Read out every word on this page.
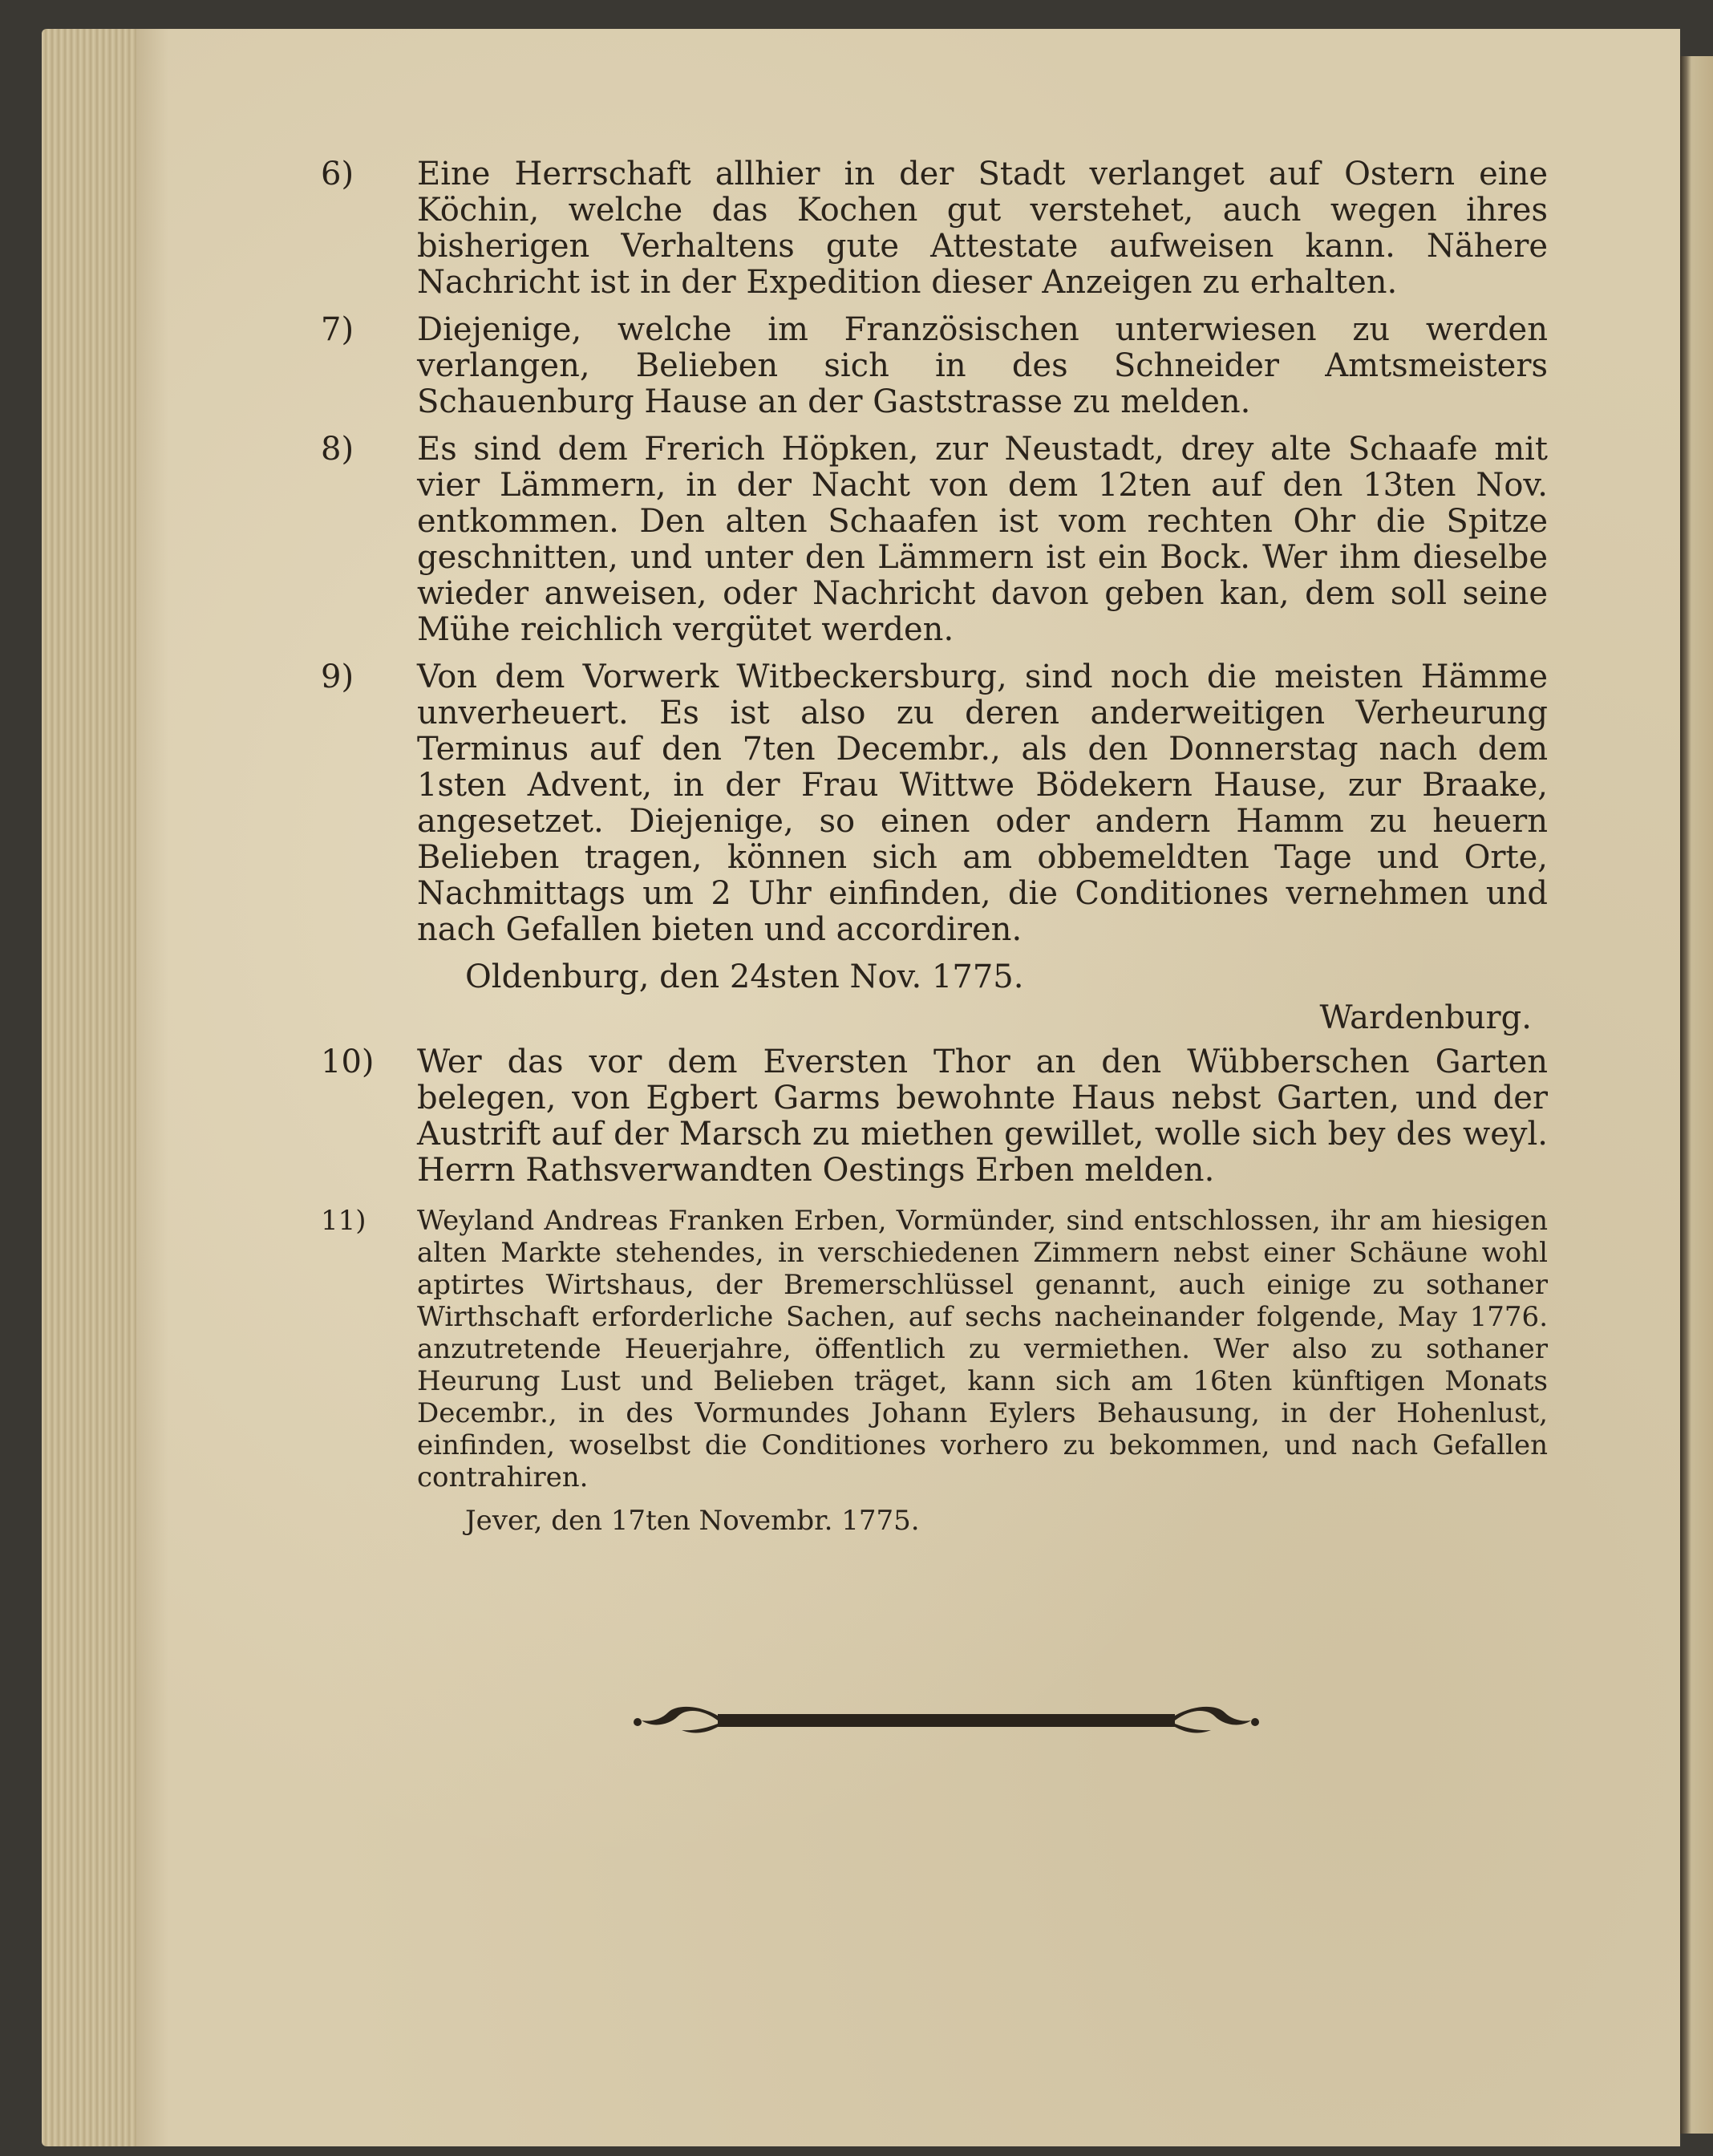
6)	Eine Herrschaft allhier in der Stadt verlanget auf Ostern eine Köchin, welche das Kochen gut verstehet, auch wegen ihres bisherigen Verhaltens gute Attestate aufweisen kann. Nähere Nachricht ist in der Expedition dieser Anzeigen zu erhalten.
7)	Diejenige, welche im Französischen unterwiesen zu werden verlangen, Belieben sich in des Schneider Amtsmeisters Schauenburg Hause an der Gaststrasse zu melden.
8)	Es sind dem Frerich Höpken, zur Neustadt, drey alte Schaafe mit vier Lämmern, in der Nacht von dem 12ten auf den 13ten Nov. entkommen. Den alten Schaafen ist vom rechten Ohr die Spitze geschnitten, und unter den Lämmern ist ein Bock. Wer ihm dieselbe wieder anweisen, oder Nachricht davon geben kan, dem soll seine Mühe reichlich vergütet werden.
9)	Von dem Vorwerk Witbeckersburg, sind noch die meisten Hämme unverheuert. Es ist also zu deren anderweitigen Verheurung Terminus auf den 7ten Decembr., als den Donnerstag nach dem 1sten Advent, in der Frau Wittwe Bödekern Hause, zur Braake, angesetzet. Diejenige, so einen oder andern Hamm zu heuern Belieben tragen, können sich am obbemeldten Tage und Orte, Nachmittags um 2 Uhr einfinden, die Conditiones vernehmen und nach Gefallen bieten und accordiren.
Oldenburg, den 24sten Nov. 1775.
Wardenburg.
10)	Wer das vor dem Eversten Thor an den Wübberschen Garten belegen, von Egbert Garms bewohnte Haus nebst Garten, und der Austrift auf der Marsch zu miethen gewillet, wolle sich bey des weyl. Herrn Rathsverwandten Oestings Erben melden.
11)	Weyland Andreas Franken Erben, Vormünder, sind entschlossen, ihr am hiesigen alten Markte stehendes, in verschiedenen Zimmern nebst einer Schäune wohl aptirtes Wirtshaus, der Bremerschlüssel genannt, auch einige zu sothaner Wirthschaft erforderliche Sachen, auf sechs nacheinander folgende, May 1776. anzutretende Heuerjahre, öffentlich zu vermiethen. Wer also zu sothaner Heurung Lust und Belieben träget, kann sich am 16ten künftigen Monats Decembr., in des Vormundes Johann Eylers Behausung, in der Hohenlust, einfinden, woselbst die Conditiones vorhero zu bekommen, und nach Gefallen contrahiren.
Jever, den 17ten Novembr. 1775.
